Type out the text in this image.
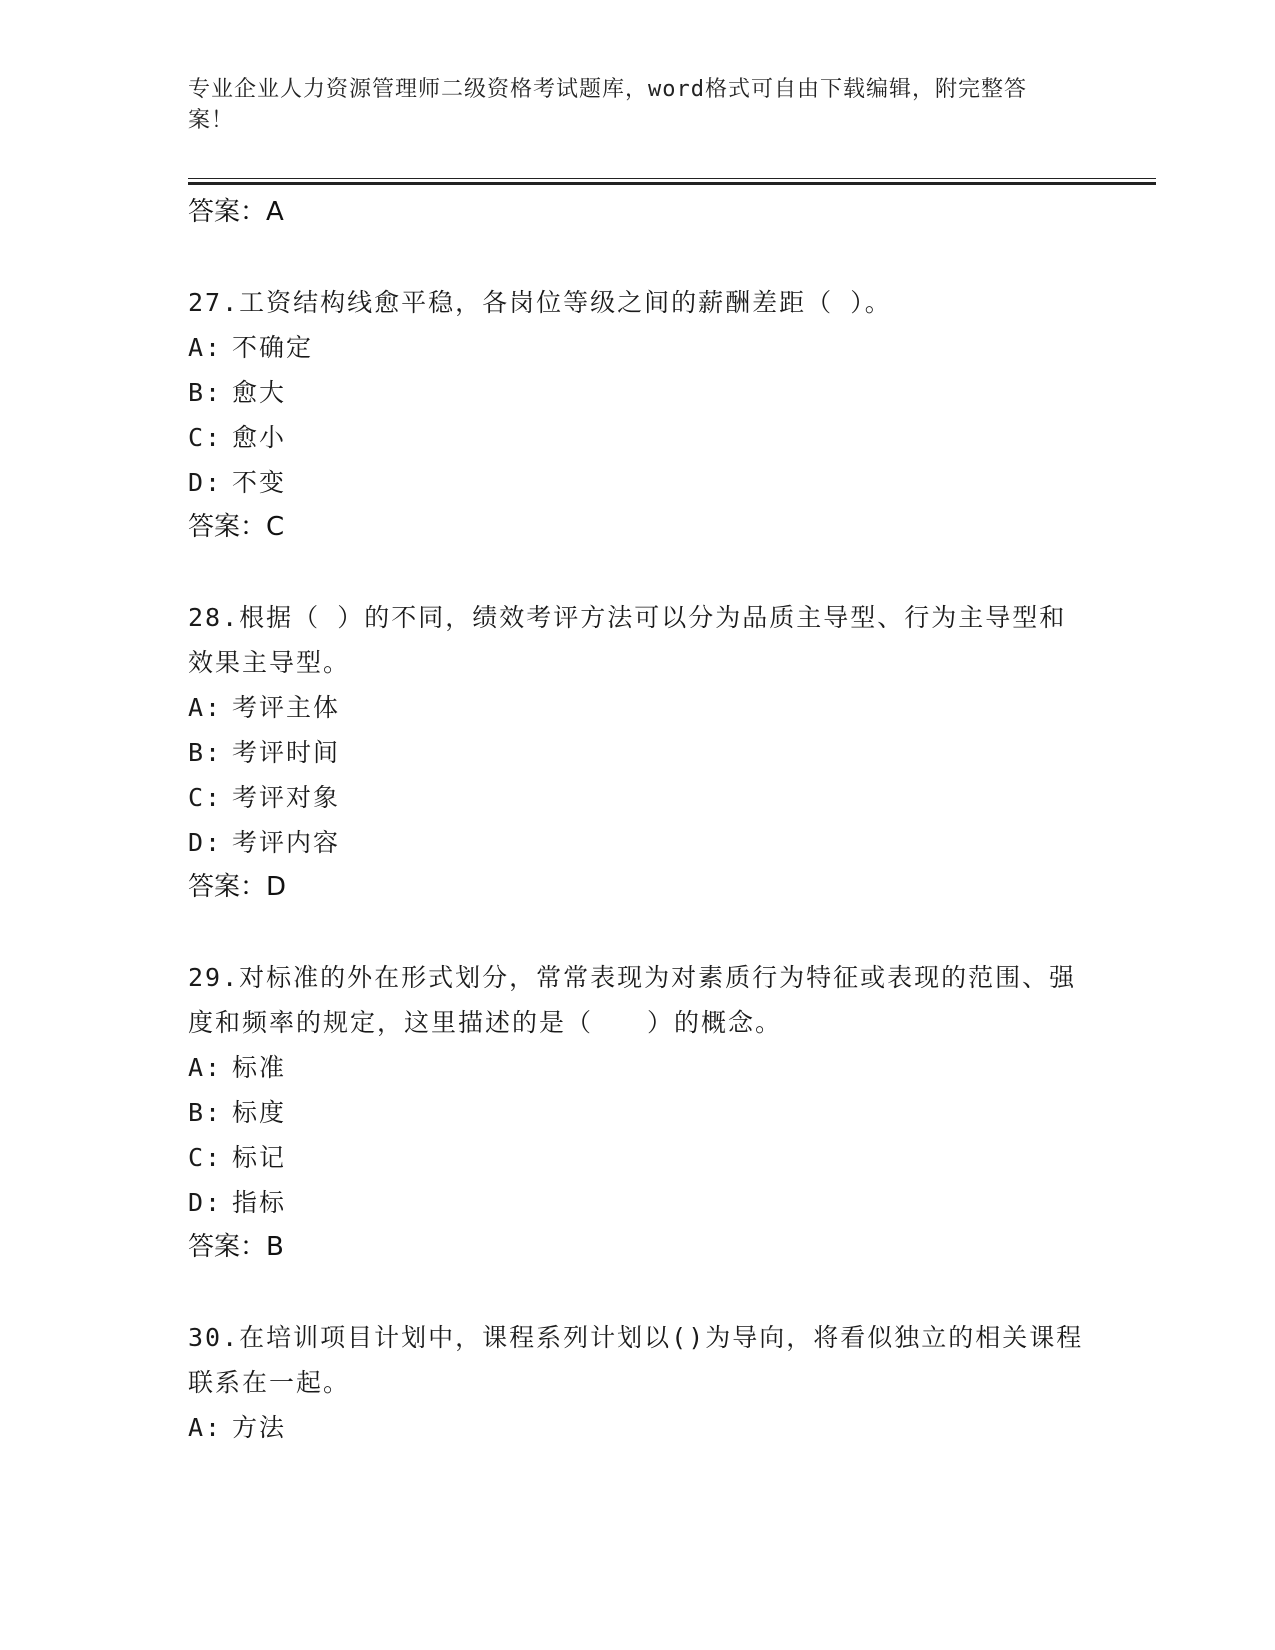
专业企业人力资源管理师二级资格考试题库，word格式可自由下载编辑，附完整答案！
答案：A
27.工资结构线愈平稳，各岗位等级之间的薪酬差距（ ）。
A: 不确定
B: 愈大
C: 愈小
D: 不变
答案：C
28.根据（ ）的不同，绩效考评方法可以分为品质主导型、行为主导型和效果主导型。
A: 考评主体
B: 考评时间
C: 考评对象
D: 考评内容
答案：D
29.对标准的外在形式划分，常常表现为对素质行为特征或表现的范围、强度和频率的规定，这里描述的是（　　）的概念。
A: 标准
B: 标度
C: 标记
D: 指标
答案：B
30.在培训项目计划中，课程系列计划以()为导向，将看似独立的相关课程联系在一起。
A: 方法
